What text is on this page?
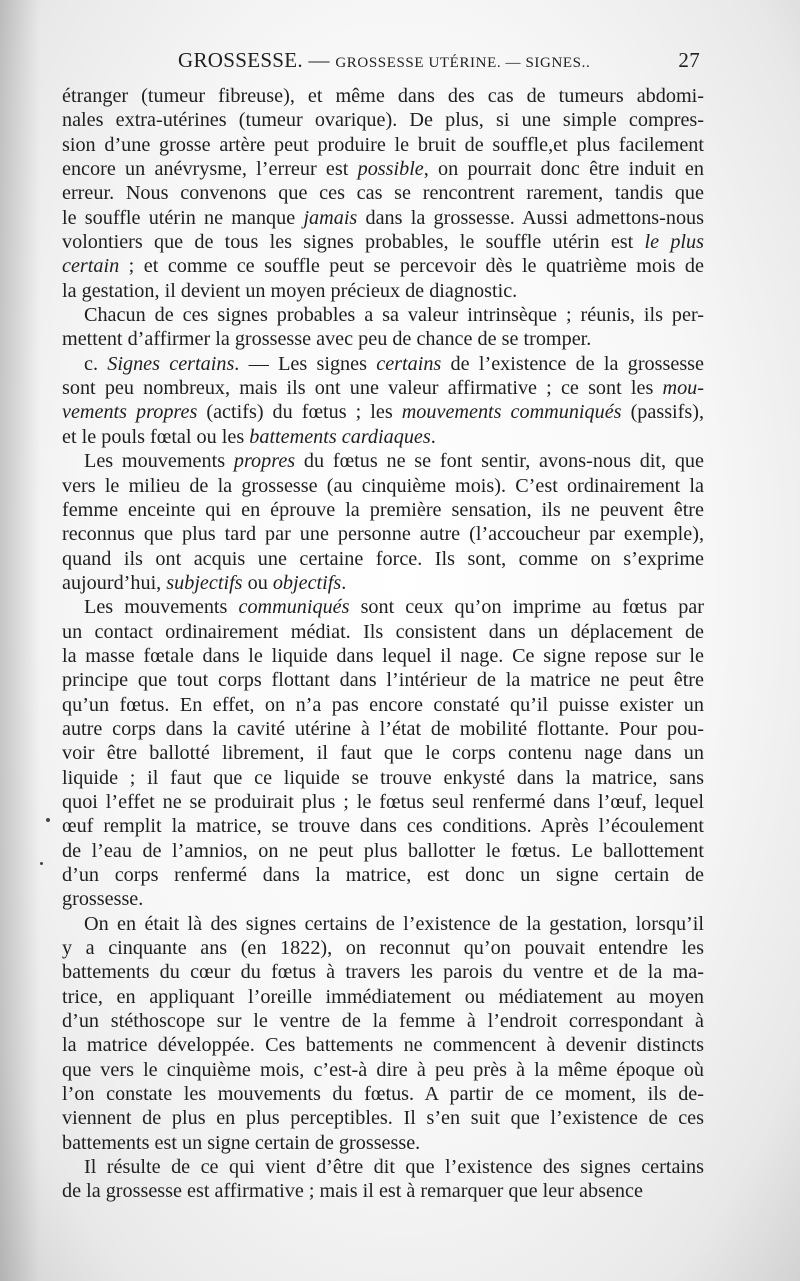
GROSSESSE. — GROSSESSE UTÉRINE. — SIGNES..	27
étranger (tumeur fibreuse), et même dans des cas de tumeurs abdomi-
nales extra-utérines (tumeur ovarique). De plus, si une simple compres-
sion d’une grosse artère peut produire le bruit de souffle,et plus facilement
encore un anévrysme, l’erreur est possible, on pourrait donc être induit en
erreur. Nous convenons que ces cas se rencontrent rarement, tandis que
le souffle utérin ne manque jamais dans la grossesse. Aussi admettons-nous
volontiers que de tous les signes probables, le souffle utérin est le plus
certain ; et comme ce souffle peut se percevoir dès le quatrième mois de
la gestation, il devient un moyen précieux de diagnostic.
Chacun de ces signes probables a sa valeur intrinsèque ; réunis, ils per-
mettent d’affirmer la grossesse avec peu de chance de se tromper.
c. Signes certains. — Les signes certains de l’existence de la grossesse
sont peu nombreux, mais ils ont une valeur affirmative ; ce sont les mou-
vements propres (actifs) du fœtus ; les mouvements communiqués (passifs),
et le pouls fœtal ou les battements cardiaques.
Les mouvements propres du fœtus ne se font sentir, avons-nous dit, que
vers le milieu de la grossesse (au cinquième mois). C’est ordinairement la
femme enceinte qui en éprouve la première sensation, ils ne peuvent être
reconnus que plus tard par une personne autre (l’accoucheur par exemple),
quand ils ont acquis une certaine force. Ils sont, comme on s’exprime
aujourd’hui, subjectifs ou objectifs.
Les mouvements communiqués sont ceux qu’on imprime au fœtus par
un contact ordinairement médiat. Ils consistent dans un déplacement de
la masse fœtale dans le liquide dans lequel il nage. Ce signe repose sur le
principe que tout corps flottant dans l’intérieur de la matrice ne peut être
qu’un fœtus. En effet, on n’a pas encore constaté qu’il puisse exister un
autre corps dans la cavité utérine à l’état de mobilité flottante. Pour pou-
voir être ballotté librement, il faut que le corps contenu nage dans un
liquide ; il faut que ce liquide se trouve enkysté dans la matrice, sans
quoi l’effet ne se produirait plus ; le fœtus seul renfermé dans l’œuf, lequel
œuf remplit la matrice, se trouve dans ces conditions. Après l’écoulement
de l’eau de l’amnios, on ne peut plus ballotter le fœtus. Le ballottement
d’un corps renfermé dans la matrice, est donc un signe certain de
grossesse.
On en était là des signes certains de l’existence de la gestation, lorsqu’il
y a cinquante ans (en 1822), on reconnut qu’on pouvait entendre les
battements du cœur du fœtus à travers les parois du ventre et de la ma-
trice, en appliquant l’oreille immédiatement ou médiatement au moyen
d’un stéthoscope sur le ventre de la femme à l’endroit correspondant à
la matrice développée. Ces battements ne commencent à devenir distincts
que vers le cinquième mois, c’est-à dire à peu près à la même époque où
l’on constate les mouvements du fœtus. A partir de ce moment, ils de-
viennent de plus en plus perceptibles. Il s’en suit que l’existence de ces
battements est un signe certain de grossesse.
Il résulte de ce qui vient d’être dit que l’existence des signes certains
de la grossesse est affirmative ; mais il est à remarquer que leur absence
